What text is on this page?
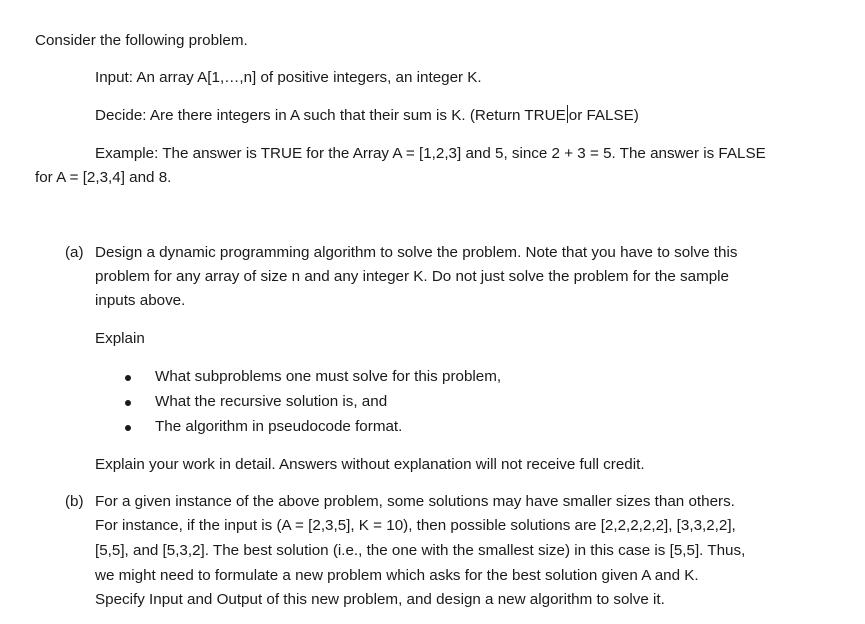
Consider the following problem.
Input: An array A[1,…,n] of positive integers, an integer K.
Decide: Are there integers in A such that their sum is K. (Return TRUE or FALSE)
Example: The answer is TRUE for the Array A = [1,2,3] and 5, since 2 + 3 = 5. The answer is FALSE
for A = [2,3,4] and 8.
(a) Design a dynamic programming algorithm to solve the problem. Note that you have to solve this
problem for any array of size n and any integer K. Do not just solve the problem for the sample
inputs above.
Explain
What subproblems one must solve for this problem,
What the recursive solution is, and
The algorithm in pseudocode format.
Explain your work in detail. Answers without explanation will not receive full credit.
(b) For a given instance of the above problem, some solutions may have smaller sizes than others.
For instance, if the input is (A = [2,3,5], K = 10), then possible solutions are [2,2,2,2,2], [3,3,2,2],
[5,5], and [5,3,2]. The best solution (i.e., the one with the smallest size) in this case is [5,5]. Thus,
we might need to formulate a new problem which asks for the best solution given A and K.
Specify Input and Output of this new problem, and design a new algorithm to solve it.
